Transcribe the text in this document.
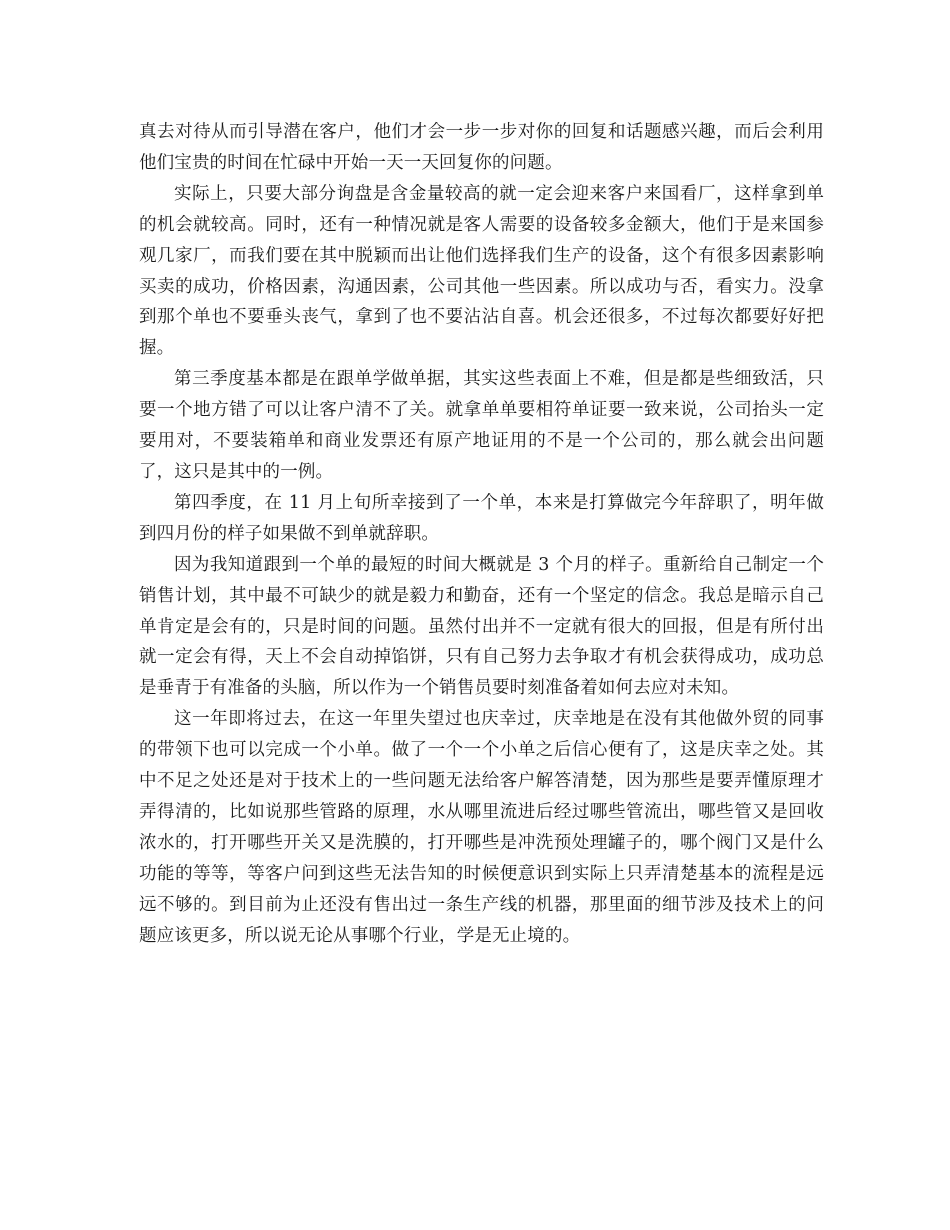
真去对待从而引导潜在客户，他们才会一步一步对你的回复和话题感兴趣，而后会利用他们宝贵的时间在忙碌中开始一天一天回复你的问题。

实际上，只要大部分询盘是含金量较高的就一定会迎来客户来国看厂，这样拿到单的机会就较高。同时，还有一种情况就是客人需要的设备较多金额大，他们于是来国参观几家厂，而我们要在其中脱颖而出让他们选择我们生产的设备，这个有很多因素影响买卖的成功，价格因素，沟通因素，公司其他一些因素。所以成功与否，看实力。没拿到那个单也不要垂头丧气，拿到了也不要沾沾自喜。机会还很多，不过每次都要好好把握。

第三季度基本都是在跟单学做单据，其实这些表面上不难，但是都是些细致活，只要一个地方错了可以让客户清不了关。就拿单单要相符单证要一致来说，公司抬头一定要用对，不要装箱单和商业发票还有原产地证用的不是一个公司的，那么就会出问题了，这只是其中的一例。

第四季度，在 11 月上旬所幸接到了一个单，本来是打算做完今年辞职了，明年做到四月份的样子如果做不到单就辞职。

因为我知道跟到一个单的最短的时间大概就是 3 个月的样子。重新给自己制定一个销售计划，其中最不可缺少的就是毅力和勤奋，还有一个坚定的信念。我总是暗示自己单肯定是会有的，只是时间的问题。虽然付出并不一定就有很大的回报，但是有所付出就一定会有得，天上不会自动掉馅饼，只有自己努力去争取才有机会获得成功，成功总是垂青于有准备的头脑，所以作为一个销售员要时刻准备着如何去应对未知。

这一年即将过去，在这一年里失望过也庆幸过，庆幸地是在没有其他做外贸的同事的带领下也可以完成一个小单。做了一个一个小单之后信心便有了，这是庆幸之处。其中不足之处还是对于技术上的一些问题无法给客户解答清楚，因为那些是要弄懂原理才弄得清的，比如说那些管路的原理，水从哪里流进后经过哪些管流出，哪些管又是回收浓水的，打开哪些开关又是洗膜的，打开哪些是冲洗预处理罐子的，哪个阀门又是什么功能的等等，等客户问到这些无法告知的时候便意识到实际上只弄清楚基本的流程是远远不够的。到目前为止还没有售出过一条生产线的机器，那里面的细节涉及技术上的问题应该更多，所以说无论从事哪个行业，学是无止境的。
